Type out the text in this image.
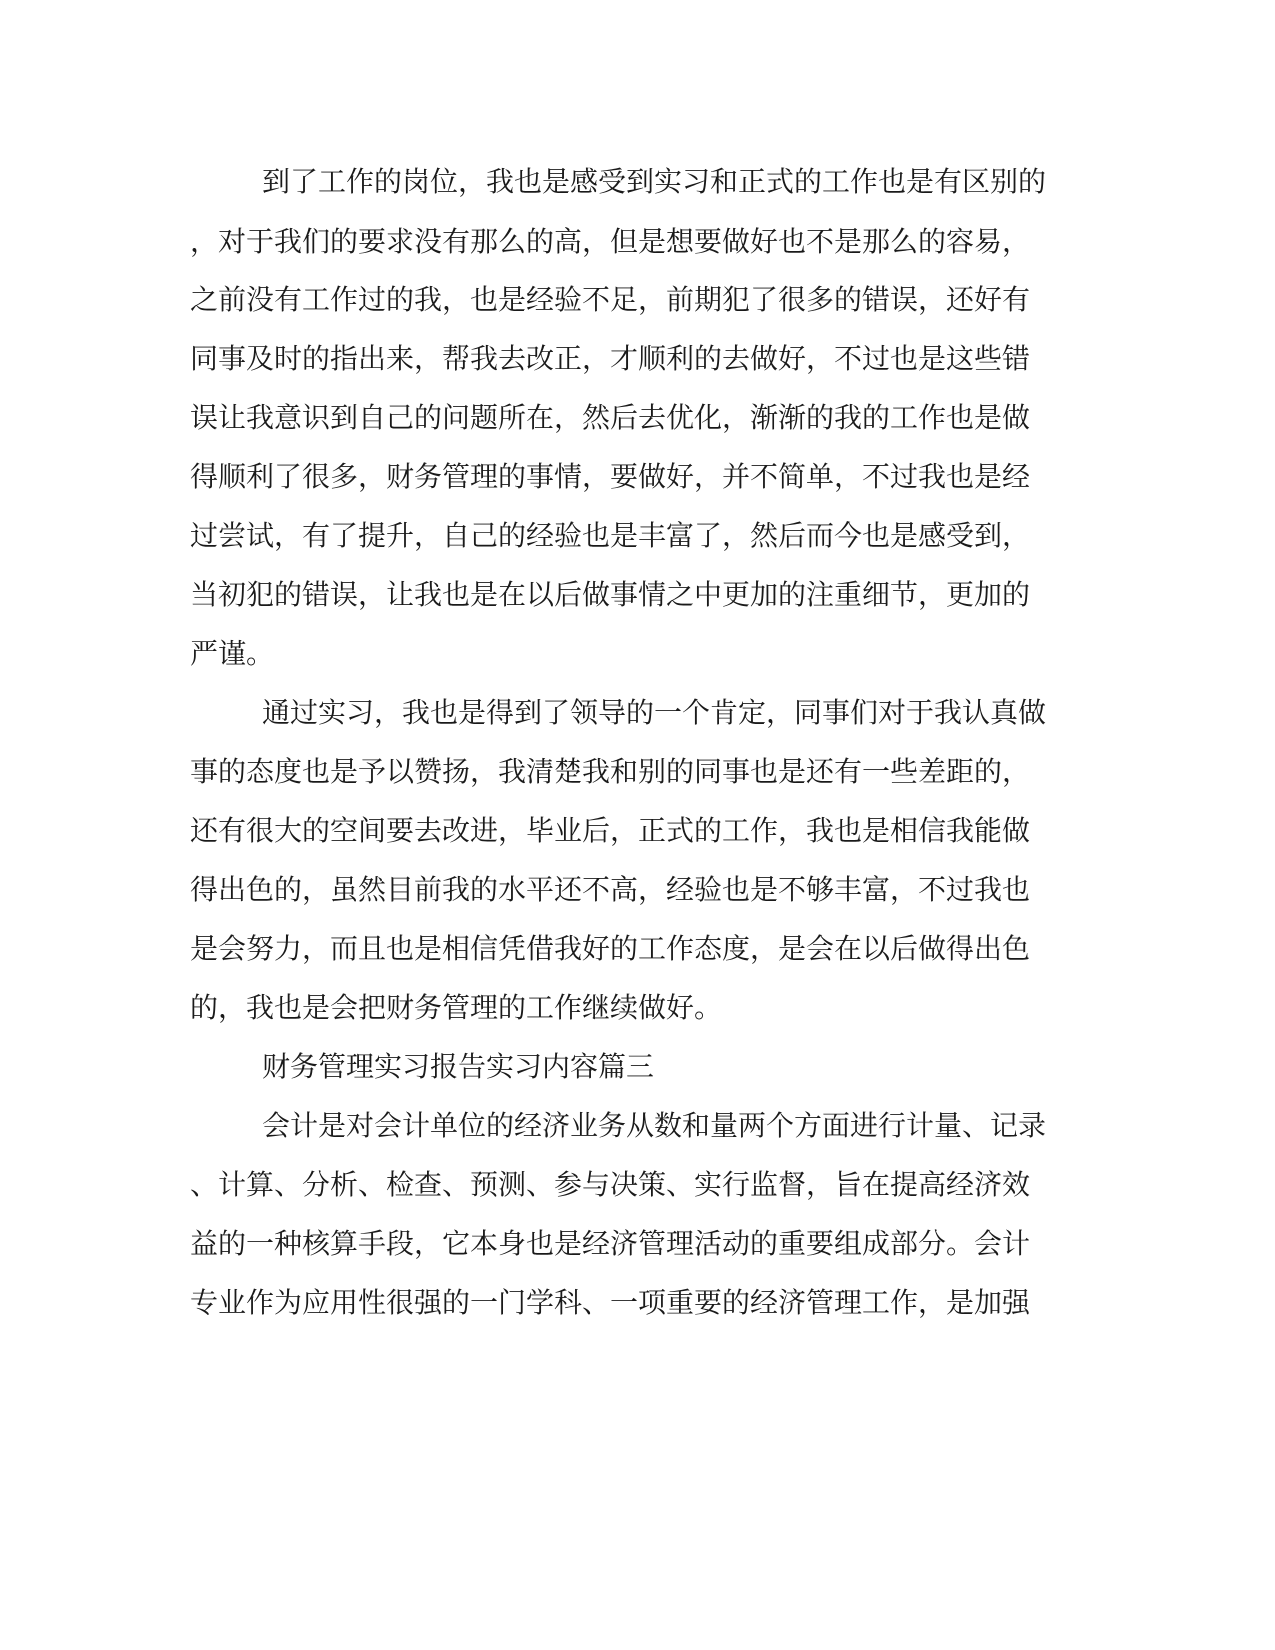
到了工作的岗位，我也是感受到实习和正式的工作也是有区别的
，对于我们的要求没有那么的高，但是想要做好也不是那么的容易，
之前没有工作过的我，也是经验不足，前期犯了很多的错误，还好有
同事及时的指出来，帮我去改正，才顺利的去做好，不过也是这些错
误让我意识到自己的问题所在，然后去优化，渐渐的我的工作也是做
得顺利了很多，财务管理的事情，要做好，并不简单，不过我也是经
过尝试，有了提升，自己的经验也是丰富了，然后而今也是感受到，
当初犯的错误，让我也是在以后做事情之中更加的注重细节，更加的
严谨。
通过实习，我也是得到了领导的一个肯定，同事们对于我认真做
事的态度也是予以赞扬，我清楚我和别的同事也是还有一些差距的，
还有很大的空间要去改进，毕业后，正式的工作，我也是相信我能做
得出色的，虽然目前我的水平还不高，经验也是不够丰富，不过我也
是会努力，而且也是相信凭借我好的工作态度，是会在以后做得出色
的，我也是会把财务管理的工作继续做好。
财务管理实习报告实习内容篇三
会计是对会计单位的经济业务从数和量两个方面进行计量、记录
、计算、分析、检查、预测、参与决策、实行监督，旨在提高经济效
益的一种核算手段，它本身也是经济管理活动的重要组成部分。会计
专业作为应用性很强的一门学科、一项重要的经济管理工作，是加强
